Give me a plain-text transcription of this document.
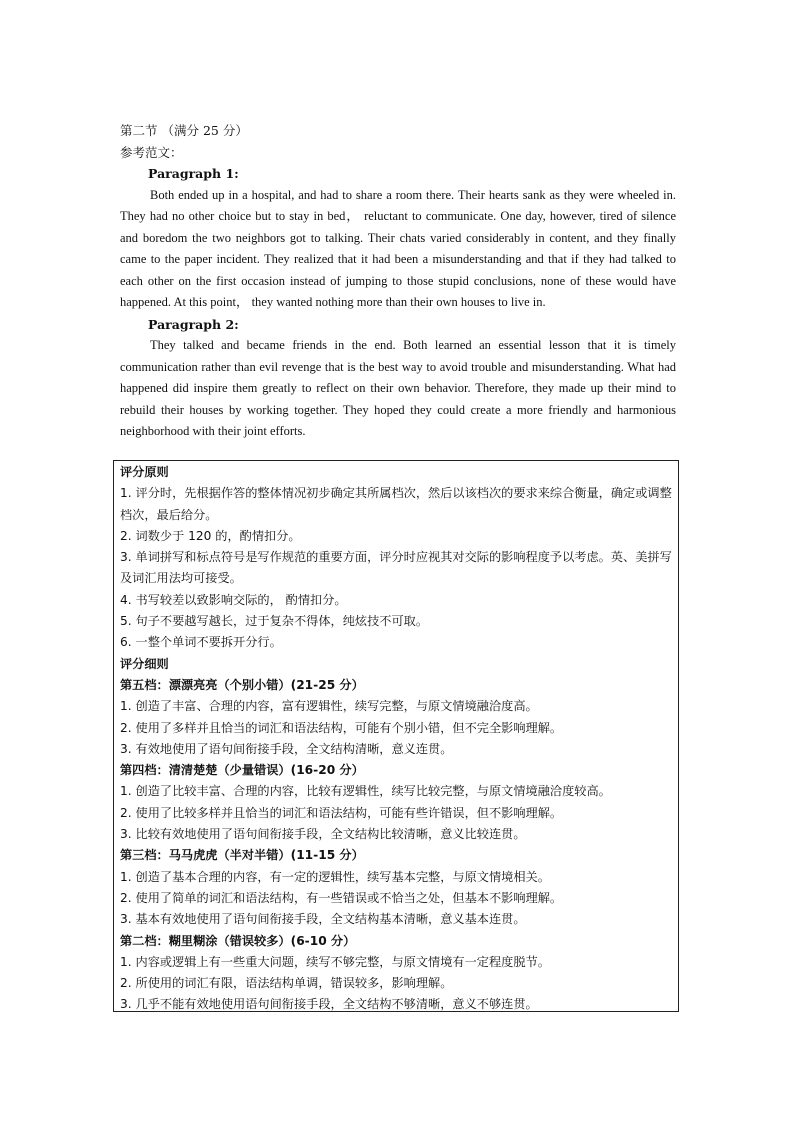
第二节 （满分 25 分）

参考范文：

Paragraph 1:

Both ended up in a hospital, and had to share a room there. Their hearts sank as they were wheeled in. They had no other choice but to stay in bed， reluctant to communicate. One day, however, tired of silence and boredom the two neighbors got to talking. Their chats varied considerably in content, and they finally came to the paper incident. They realized that it had been a misunderstanding and that if they had talked to each other on the first occasion instead of jumping to those stupid conclusions, none of these would have happened. At this point， they wanted nothing more than their own houses to live in.

Paragraph 2:

They talked and became friends in the end. Both learned an essential lesson that it is timely communication rather than evil revenge that is the best way to avoid trouble and misunderstanding. What had happened did inspire them greatly to reflect on their own behavior. Therefore, they made up their mind to rebuild their houses by working together. They hoped they could create a more friendly and harmonious neighborhood with their joint efforts.

评分原则

1. 评分时，先根据作答的整体情况初步确定其所属档次，然后以该档次的要求来综合衡量，确定或调整档次，最后给分。

2. 词数少于 120 的，酌情扣分。

3. 单词拼写和标点符号是写作规范的重要方面，评分时应视其对交际的影响程度予以考虑。英、美拼写及词汇用法均可接受。

4. 书写较差以致影响交际的， 酌情扣分。

5. 句子不要越写越长，过于复杂不得体，纯炫技不可取。

6. 一整个单词不要拆开分行。

评分细则

第五档：漂漂亮亮（个别小错）(21-25 分）

1. 创造了丰富、合理的内容，富有逻辑性，续写完整，与原文情境融洽度高。

2. 使用了多样并且恰当的词汇和语法结构，可能有个别小错，但不完全影响理解。

3. 有效地使用了语句间衔接手段，全文结构清晰，意义连贯。

第四档：清清楚楚（少量错误）(16-20 分）

1. 创造了比较丰富、合理的内容，比较有逻辑性，续写比较完整，与原文情境融洽度较高。

2. 使用了比较多样并且恰当的词汇和语法结构，可能有些许错误，但不影响理解。

3. 比较有效地使用了语句间衔接手段，全文结构比较清晰，意义比较连贯。

第三档：马马虎虎（半对半错）(11-15 分）

1. 创造了基本合理的内容，有一定的逻辑性，续写基本完整，与原文情境相关。

2. 使用了简单的词汇和语法结构，有一些错误或不恰当之处，但基本不影响理解。

3. 基本有效地使用了语句间衔接手段，全文结构基本清晰，意义基本连贯。

第二档：糊里糊涂（错误较多）(6-10 分）

1. 内容或逻辑上有一些重大问题，续写不够完整，与原文情境有一定程度脱节。

2. 所使用的词汇有限，语法结构单调，错误较多，影响理解。

3. 几乎不能有效地使用语句间衔接手段，全文结构不够清晰，意义不够连贯。
